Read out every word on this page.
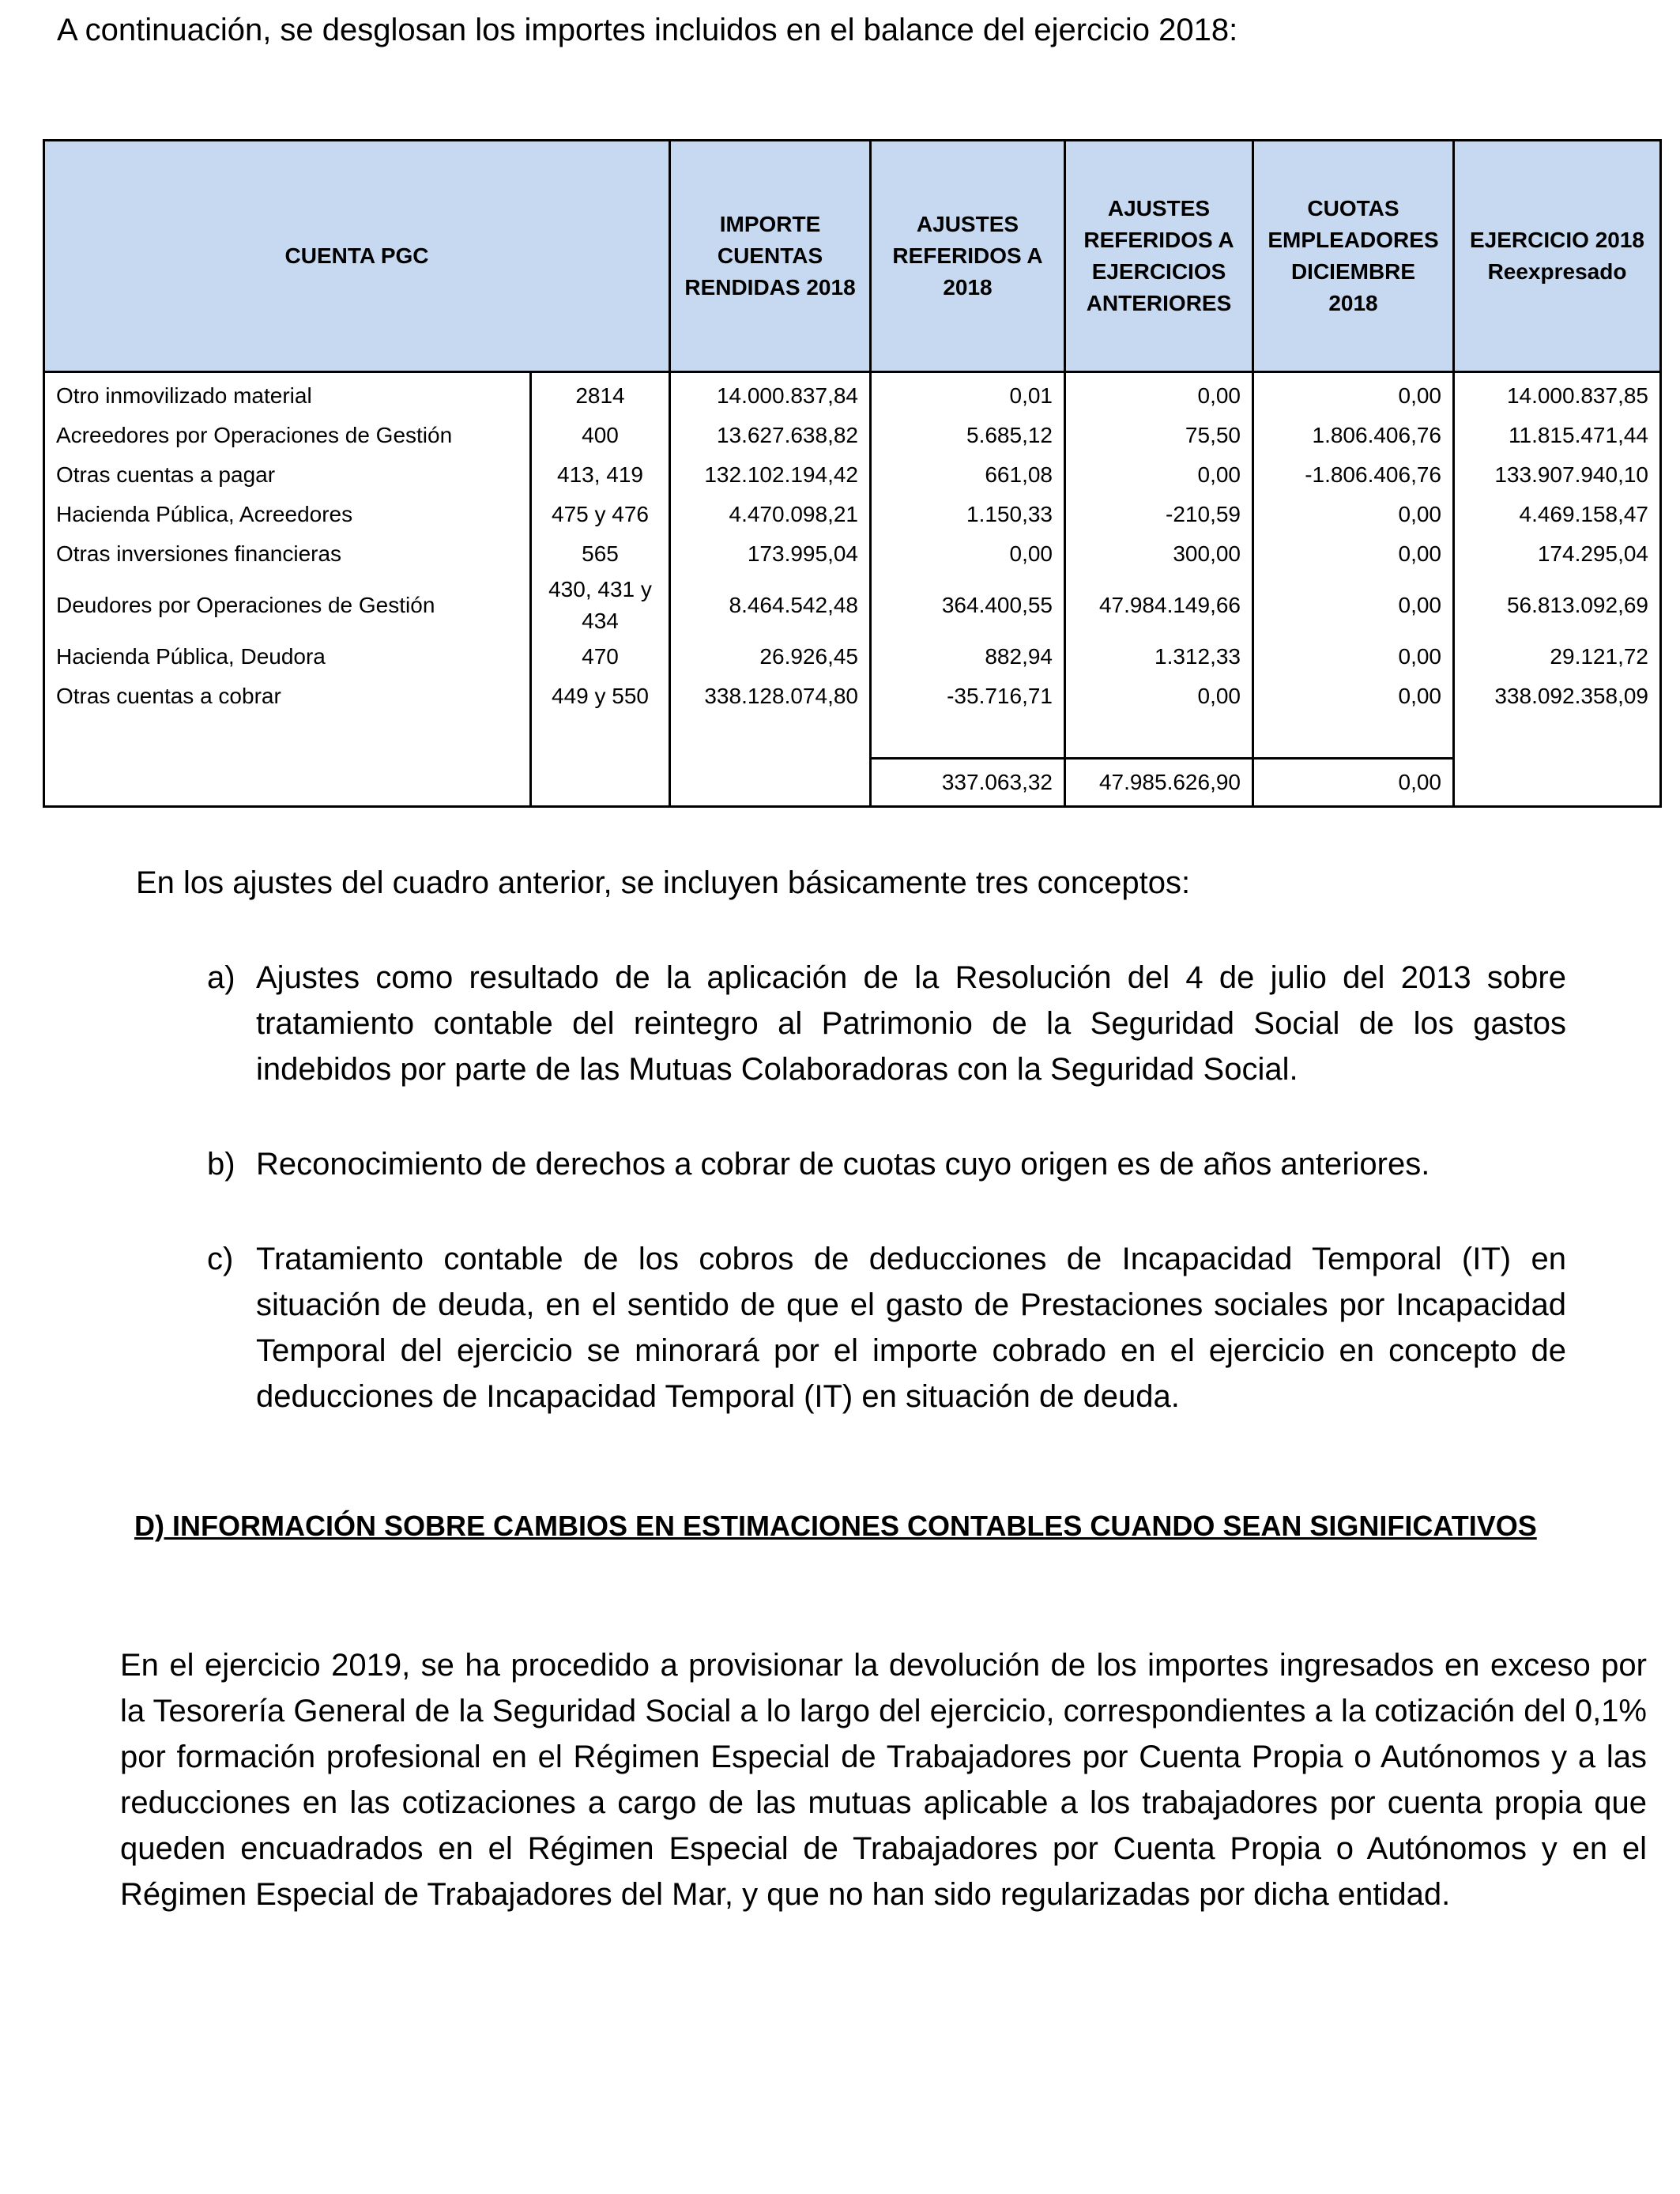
A continuación, se desglosan los importes incluidos en el balance del ejercicio 2018:
CUENTA PGC		IMPORTE CUENTAS RENDIDAS 2018	AJUSTES REFERIDOS A 2018	AJUSTES REFERIDOS A EJERCICIOS ANTERIORES	CUOTAS EMPLEADORES DICIEMBRE 2018	EJERCICIO 2018
Reexpresado
Otro inmovilizado material	2814	14.000.837,84	0,01	0,00	0,00	14.000.837,85
Acreedores por Operaciones de Gestión	400	13.627.638,82	5.685,12	75,50	1.806.406,76	11.815.471,44
Otras cuentas a pagar	413, 419	132.102.194,42	661,08	0,00	-1.806.406,76	133.907.940,10
Hacienda Pública, Acreedores	475 y 476	4.470.098,21	1.150,33	-210,59	0,00	4.469.158,47
Otras inversiones financieras	565	173.995,04	0,00	300,00	0,00	174.295,04
Deudores por Operaciones de Gestión	430, 431 y 434	8.464.542,48	364.400,55	47.984.149,66	0,00	56.813.092,69
Hacienda Pública, Deudora	470	26.926,45	882,94	1.312,33	0,00	29.121,72
Otras cuentas a cobrar	449 y 550	338.128.074,80	-35.716,71	0,00	0,00	338.092.358,09

			337.063,32	47.985.626,90	0,00	
En los ajustes del cuadro anterior, se incluyen básicamente tres conceptos:
a) Ajustes como resultado de la aplicación de la Resolución del 4 de julio del 2013 sobre tratamiento contable del reintegro al Patrimonio de la Seguridad Social de los gastos indebidos por parte de las Mutuas Colaboradoras con la Seguridad Social.
b) Reconocimiento de derechos a cobrar de cuotas cuyo origen es de años anteriores.
c) Tratamiento contable de los cobros de deducciones de Incapacidad Temporal (IT) en situación de deuda, en el sentido de que el gasto de Prestaciones sociales por Incapacidad Temporal del ejercicio se minorará por el importe cobrado en el ejercicio en concepto de deducciones de Incapacidad Temporal (IT) en situación de deuda.
D) INFORMACIÓN SOBRE CAMBIOS EN ESTIMACIONES CONTABLES CUANDO SEAN SIGNIFICATIVOS
En el ejercicio 2019, se ha procedido a provisionar la devolución de los importes ingresados en exceso por la Tesorería General de la Seguridad Social a lo largo del ejercicio, correspondientes a la cotización del 0,1% por formación profesional en el Régimen Especial de Trabajadores por Cuenta Propia o Autónomos y a las reducciones en las cotizaciones a cargo de las mutuas aplicable a los trabajadores por cuenta propia que queden encuadrados en el Régimen Especial de Trabajadores por Cuenta Propia o Autónomos y en el Régimen Especial de Trabajadores del Mar, y que no han sido regularizadas por dicha entidad.
